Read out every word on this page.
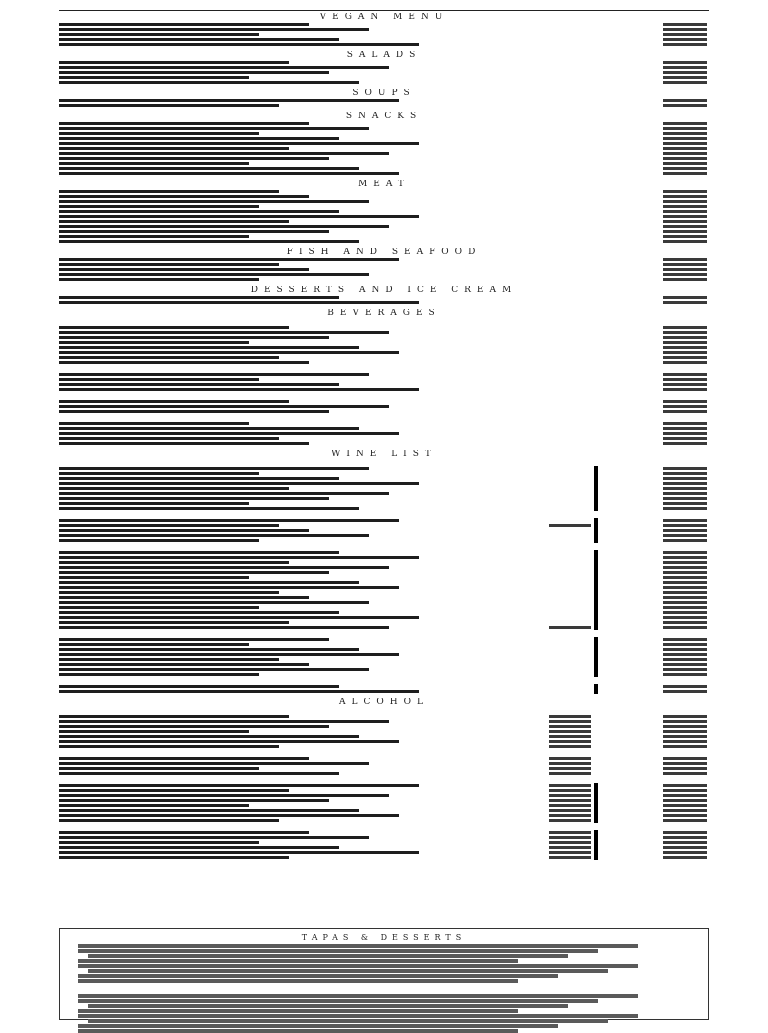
VEGAN MENU
SALADS
SOUPS
SNACKS
MEAT
FISH AND SEAFOOD
DESSERTS AND ICE CREAM
BEVERAGES
WINE LIST
ALCOHOL
TAPAS & DESSERTS
